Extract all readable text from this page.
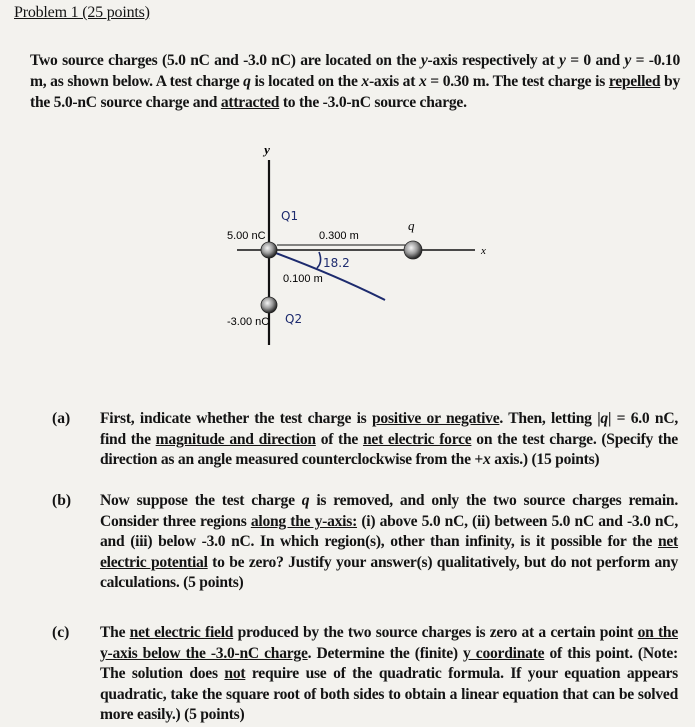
Problem 1 (25 points)

Two source charges (5.0 nC and -3.0 nC) are located on the y-axis respectively at y = 0 and y = -0.10 m, as shown below. A test charge q is located on the x-axis at x = 0.30 m. The test charge is repelled by the 5.0-nC source charge and attracted to the -3.0-nC source charge.

y
x
5.00 nC
-3.00 nC
0.300 m
0.100 m
q
Q1
Q2
18.2
(a) First, indicate whether the test charge is positive or negative. Then, letting |q| = 6.0 nC, find the magnitude and direction of the net electric force on the test charge. (Specify the direction as an angle measured counterclockwise from the +x axis.) (15 points)

(b) Now suppose the test charge q is removed, and only the two source charges remain. Consider three regions along the y-axis: (i) above 5.0 nC, (ii) between 5.0 nC and -3.0 nC, and (iii) below -3.0 nC. In which region(s), other than infinity, is it possible for the net electric potential to be zero? Justify your answer(s) qualitatively, but do not perform any calculations. (5 points)

(c) The net electric field produced by the two source charges is zero at a certain point on the y-axis below the -3.0-nC charge. Determine the (finite) y coordinate of this point. (Note: The solution does not require use of the quadratic formula. If your equation appears quadratic, take the square root of both sides to obtain a linear equation that can be solved more easily.) (5 points)
